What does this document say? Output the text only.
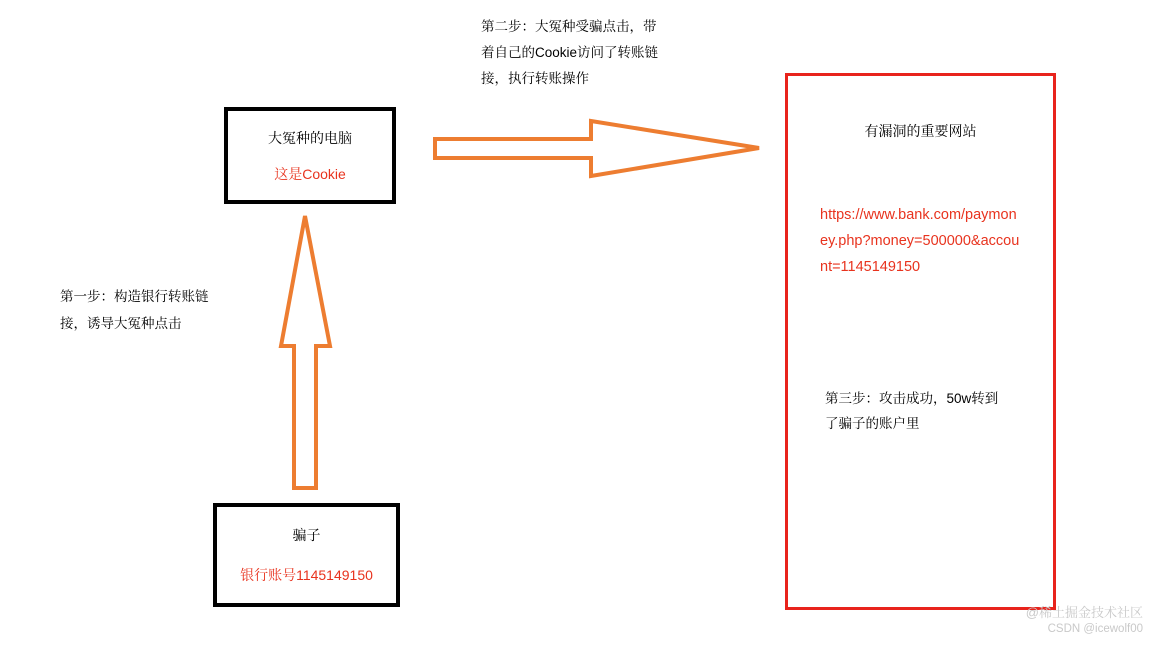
第一步：构造银行转账链接，诱导大冤种点击
第二步：大冤种受骗点击，带着自己的Cookie访问了转账链接，执行转账操作
大冤种的电脑
这是Cookie
骗子
银行账号1145149150
有漏洞的重要网站
https://www.bank.com/paymoney.php?money=500000&account=1145149150
第三步：攻击成功，50w转到了骗子的账户里
@稀土掘金技术社区
CSDN @icewolf00
